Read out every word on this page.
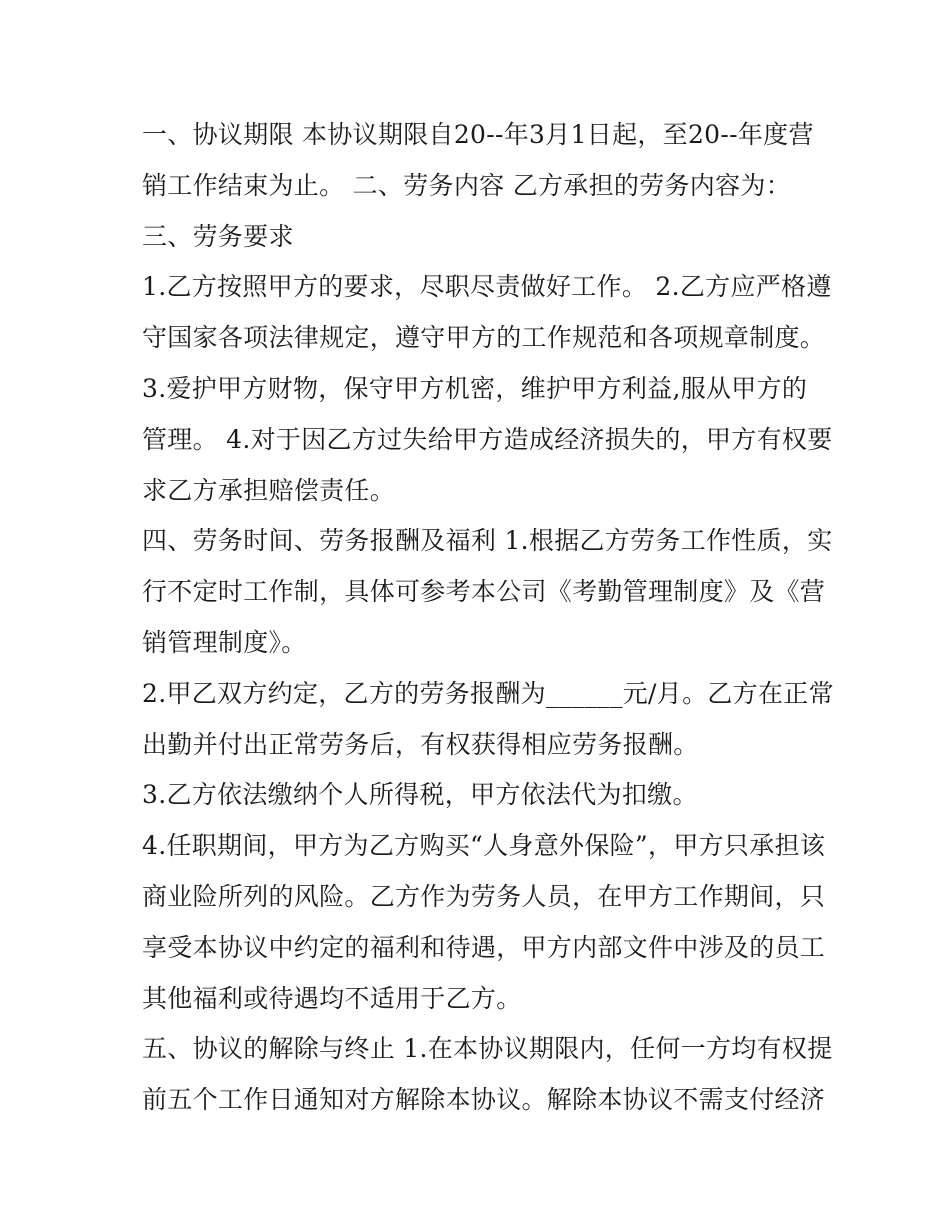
一、协议期限 本协议期限自20--年3月1日起，至20--年度营
销工作结束为止。 二、劳务内容 乙方承担的劳务内容为：
三、劳务要求
1.乙方按照甲方的要求，尽职尽责做好工作。 2.乙方应严格遵
守国家各项法律规定，遵守甲方的工作规范和各项规章制度。
3.爱护甲方财物，保守甲方机密，维护甲方利益,服从甲方的
管理。 4.对于因乙方过失给甲方造成经济损失的，甲方有权要
求乙方承担赔偿责任。
四、劳务时间、劳务报酬及福利 1.根据乙方劳务工作性质，实
行不定时工作制，具体可参考本公司《考勤管理制度》及《营
销管理制度》。
2.甲乙双方约定，乙方的劳务报酬为______元/月。乙方在正常
出勤并付出正常劳务后，有权获得相应劳务报酬。
3.乙方依法缴纳个人所得税，甲方依法代为扣缴。
4.任职期间，甲方为乙方购买“人身意外保险”，甲方只承担该
商业险所列的风险。乙方作为劳务人员，在甲方工作期间，只
享受本协议中约定的福利和待遇，甲方内部文件中涉及的员工
其他福利或待遇均不适用于乙方。
五、协议的解除与终止 1.在本协议期限内，任何一方均有权提
前五个工作日通知对方解除本协议。解除本协议不需支付经济
